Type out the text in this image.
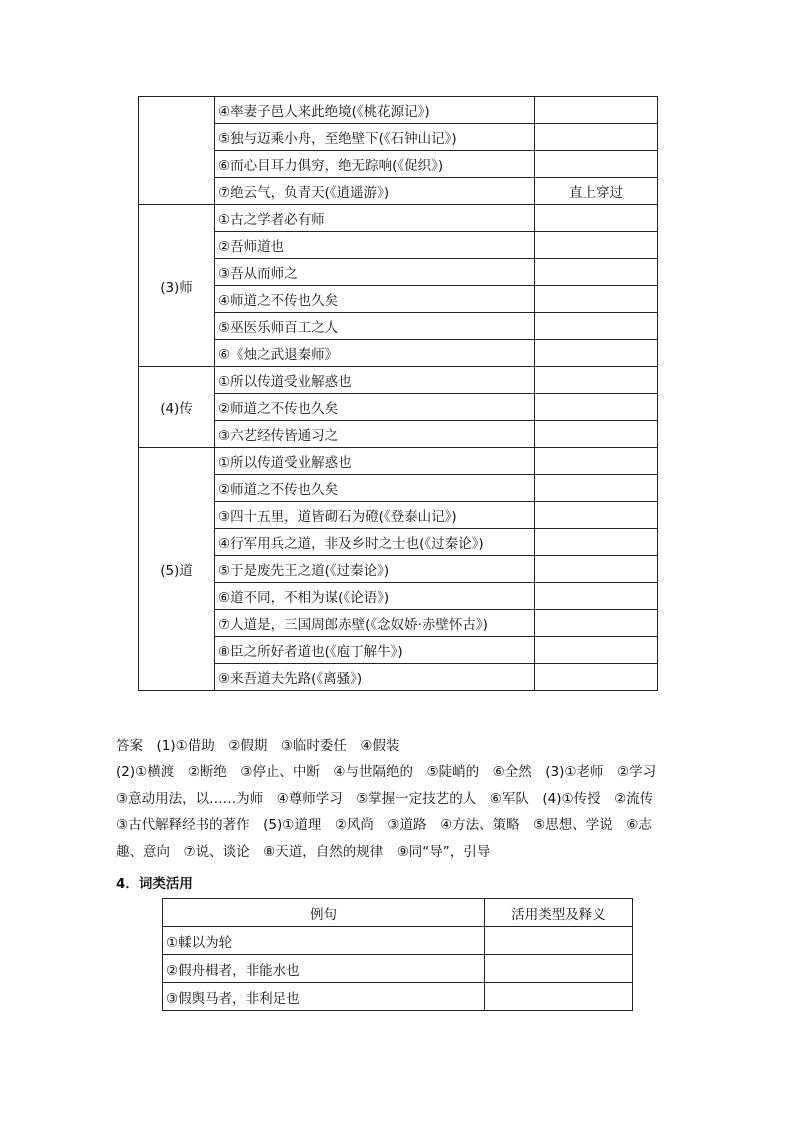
	④率妻子邑人来此绝境(《桃花源记》)	
	⑤独与迈乘小舟，至绝壁下(《石钟山记》)	
	⑥而心目耳力俱穷，绝无踪响(《促织》)	
	⑦绝云气，负青天(《逍遥游》)	直上穿过
(3)师	①古之学者必有师	
	②吾师道也	
	③吾从而师之	
	④师道之不传也久矣	
	⑤巫医乐师百工之人	
	⑥《烛之武退秦师》	
(4)传	①所以传道受业解惑也	
	②师道之不传也久矣	
	③六艺经传皆通习之	
(5)道	①所以传道受业解惑也	
	②师道之不传也久矣	
	③四十五里，道皆砌石为磴(《登泰山记》)	
	④行军用兵之道，非及乡时之士也(《过秦论》)	
	⑤于是废先王之道(《过秦论》)	
	⑥道不同，不相为谋(《论语》)	
	⑦人道是，三国周郎赤壁(《念奴娇·赤壁怀古》)	
	⑧臣之所好者道也(《庖丁解牛》)	
	⑨来吾道夫先路(《离骚》)	
答案　(1)①借助　②假期　③临时委任　④假装
(2)①横渡　②断绝　③停止、中断　④与世隔绝的　⑤陡峭的　⑥全然　(3)①老师　②学习
③意动用法，以……为师　④尊师学习　⑤掌握一定技艺的人　⑥军队　(4)①传授　②流传
③古代解释经书的著作　(5)①道理　②风尚　③道路　④方法、策略　⑤思想、学说　⑥志
趣、意向　⑦说、谈论　⑧天道，自然的规律　⑨同“导”，引导
4．词类活用
例句	活用类型及释义
①輮以为轮	
②假舟楫者，非能水也	
③假舆马者，非利足也	
